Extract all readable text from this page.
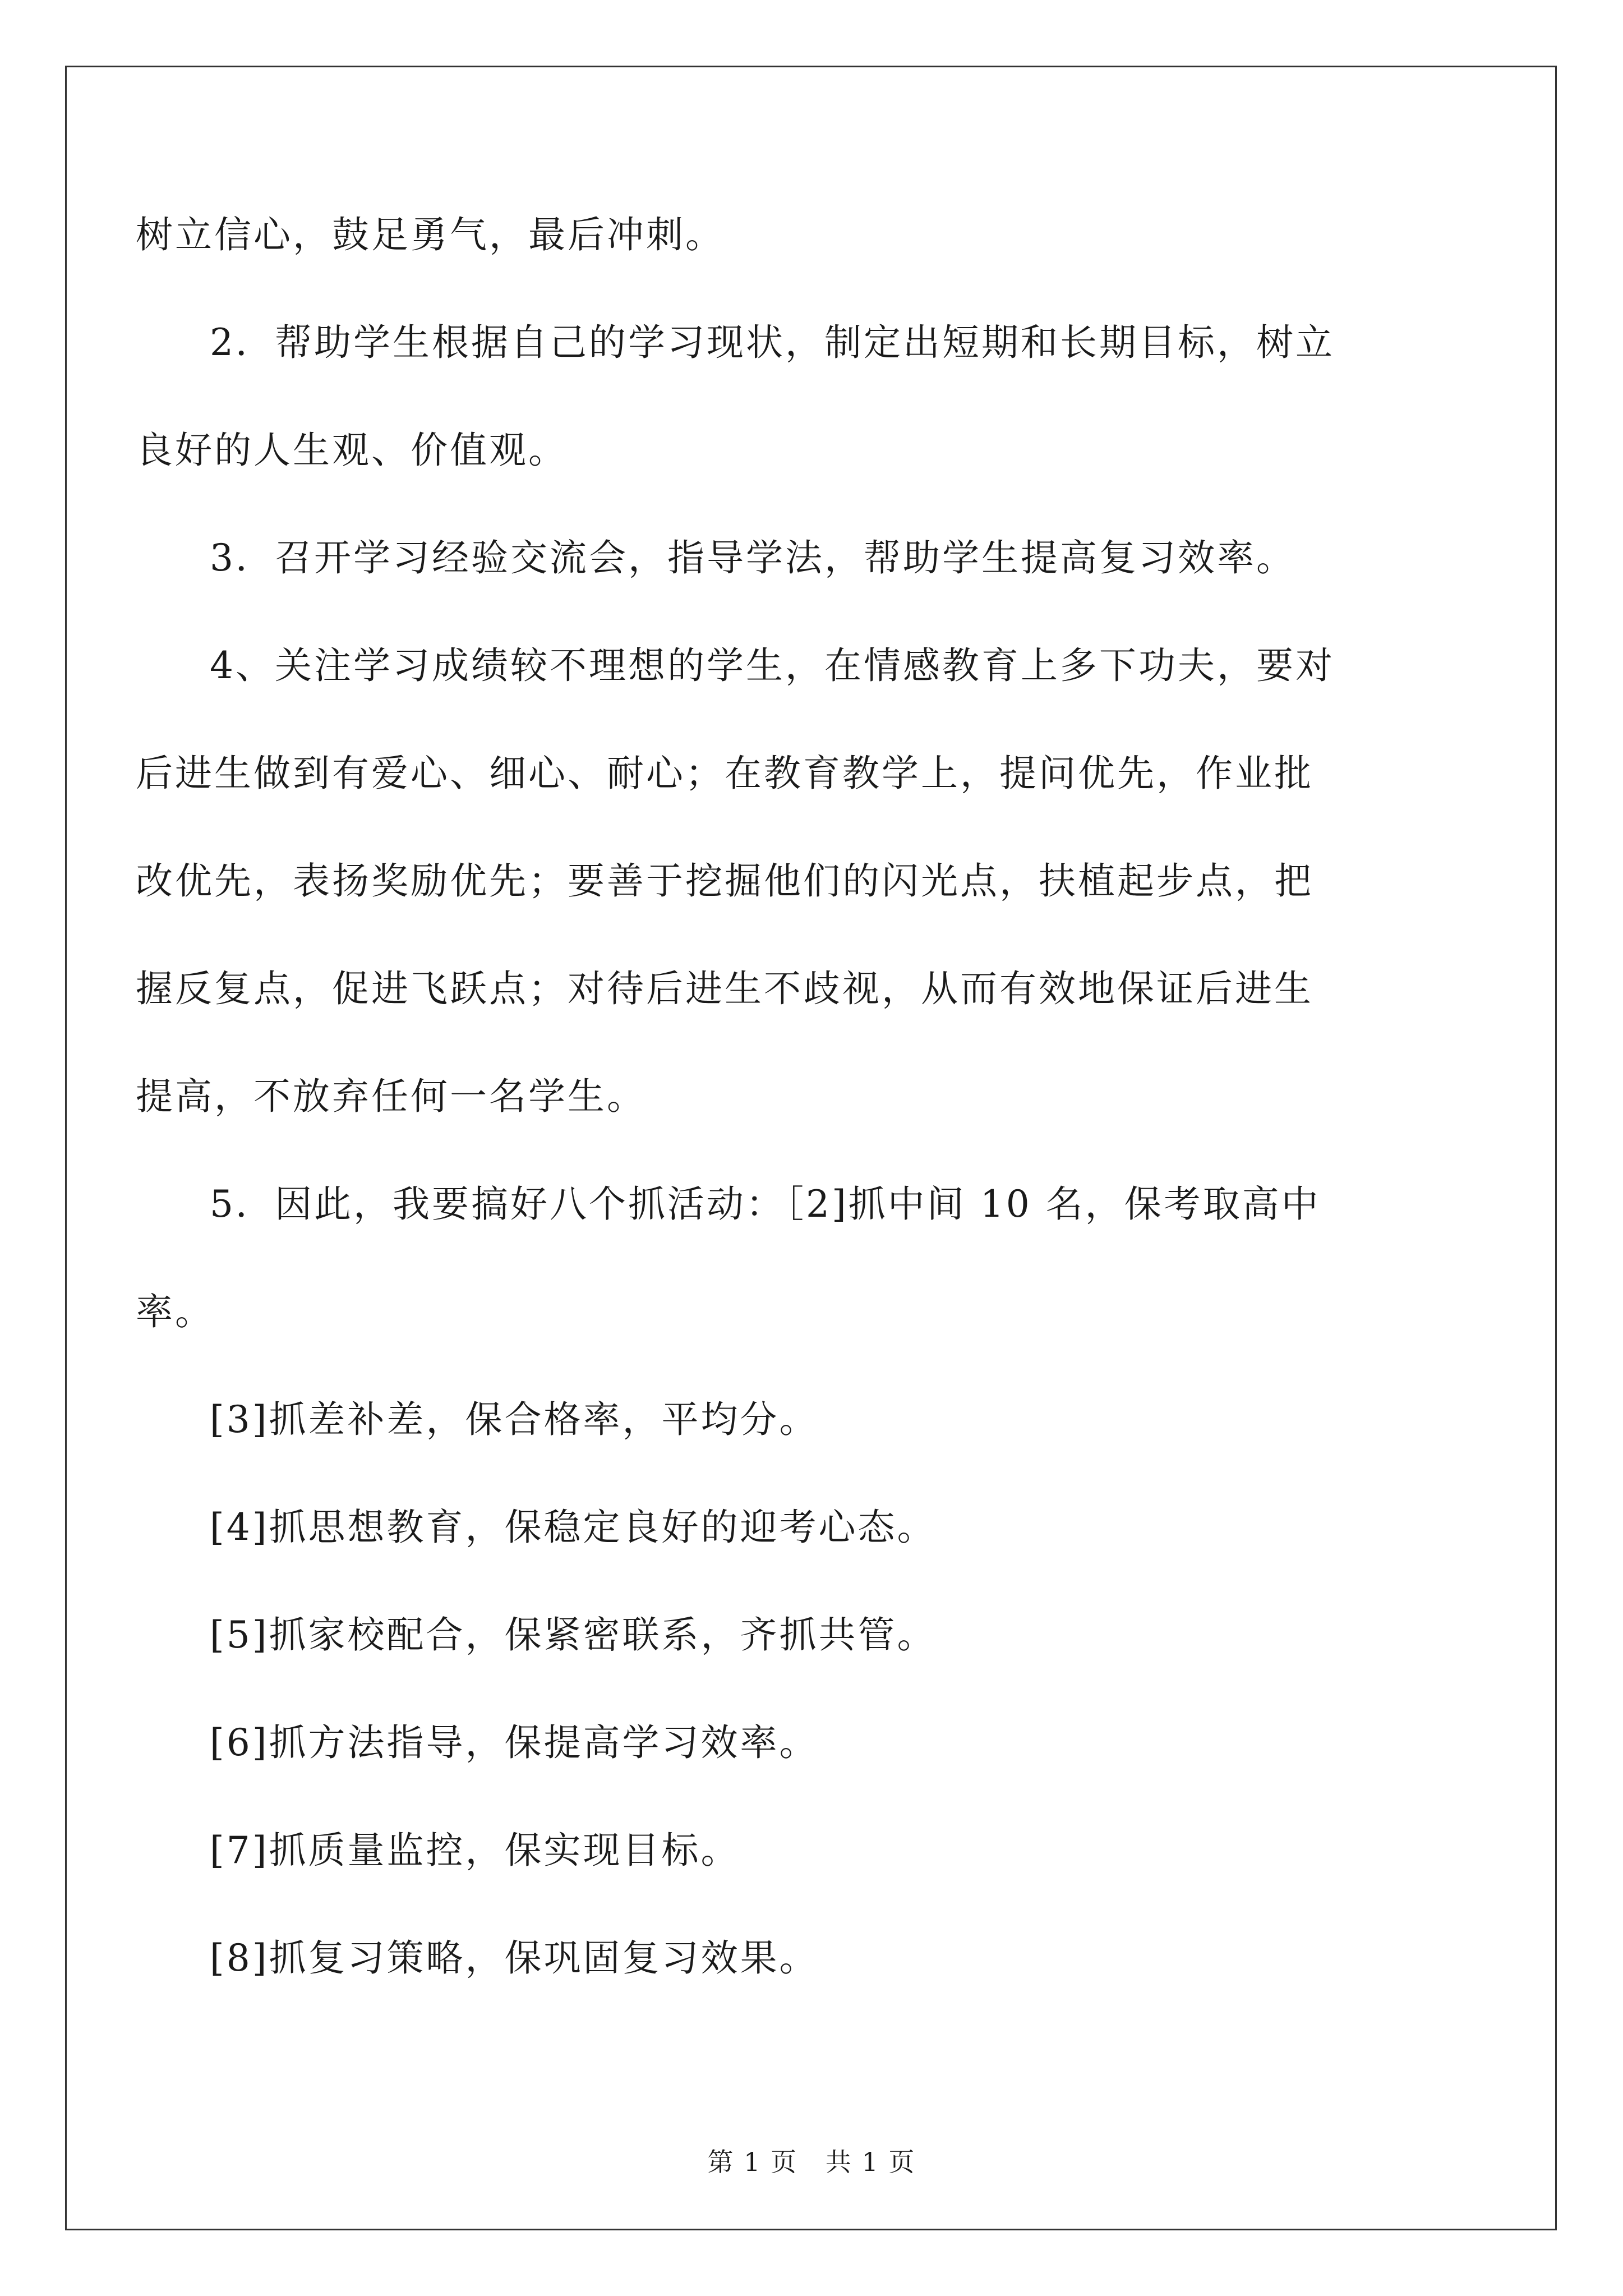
树立信心，鼓足勇气，最后冲刺。
2．帮助学生根据自己的学习现状，制定出短期和长期目标，树立
良好的人生观、价值观。
3．召开学习经验交流会，指导学法，帮助学生提高复习效率。
4、关注学习成绩较不理想的学生，在情感教育上多下功夫，要对
后进生做到有爱心、细心、耐心；在教育教学上，提问优先，作业批
改优先，表扬奖励优先；要善于挖掘他们的闪光点，扶植起步点，把
握反复点，促进飞跃点；对待后进生不歧视，从而有效地保证后进生
提高，不放弃任何一名学生。
5．因此，我要搞好八个抓活动：［2]抓中间 10 名，保考取高中
率。
[3]抓差补差，保合格率，平均分。
[4]抓思想教育，保稳定良好的迎考心态。
[5]抓家校配合，保紧密联系，齐抓共管。
[6]抓方法指导，保提高学习效率。
[7]抓质量监控，保实现目标。
[8]抓复习策略，保巩固复习效果。
第 1 页   共 1 页
